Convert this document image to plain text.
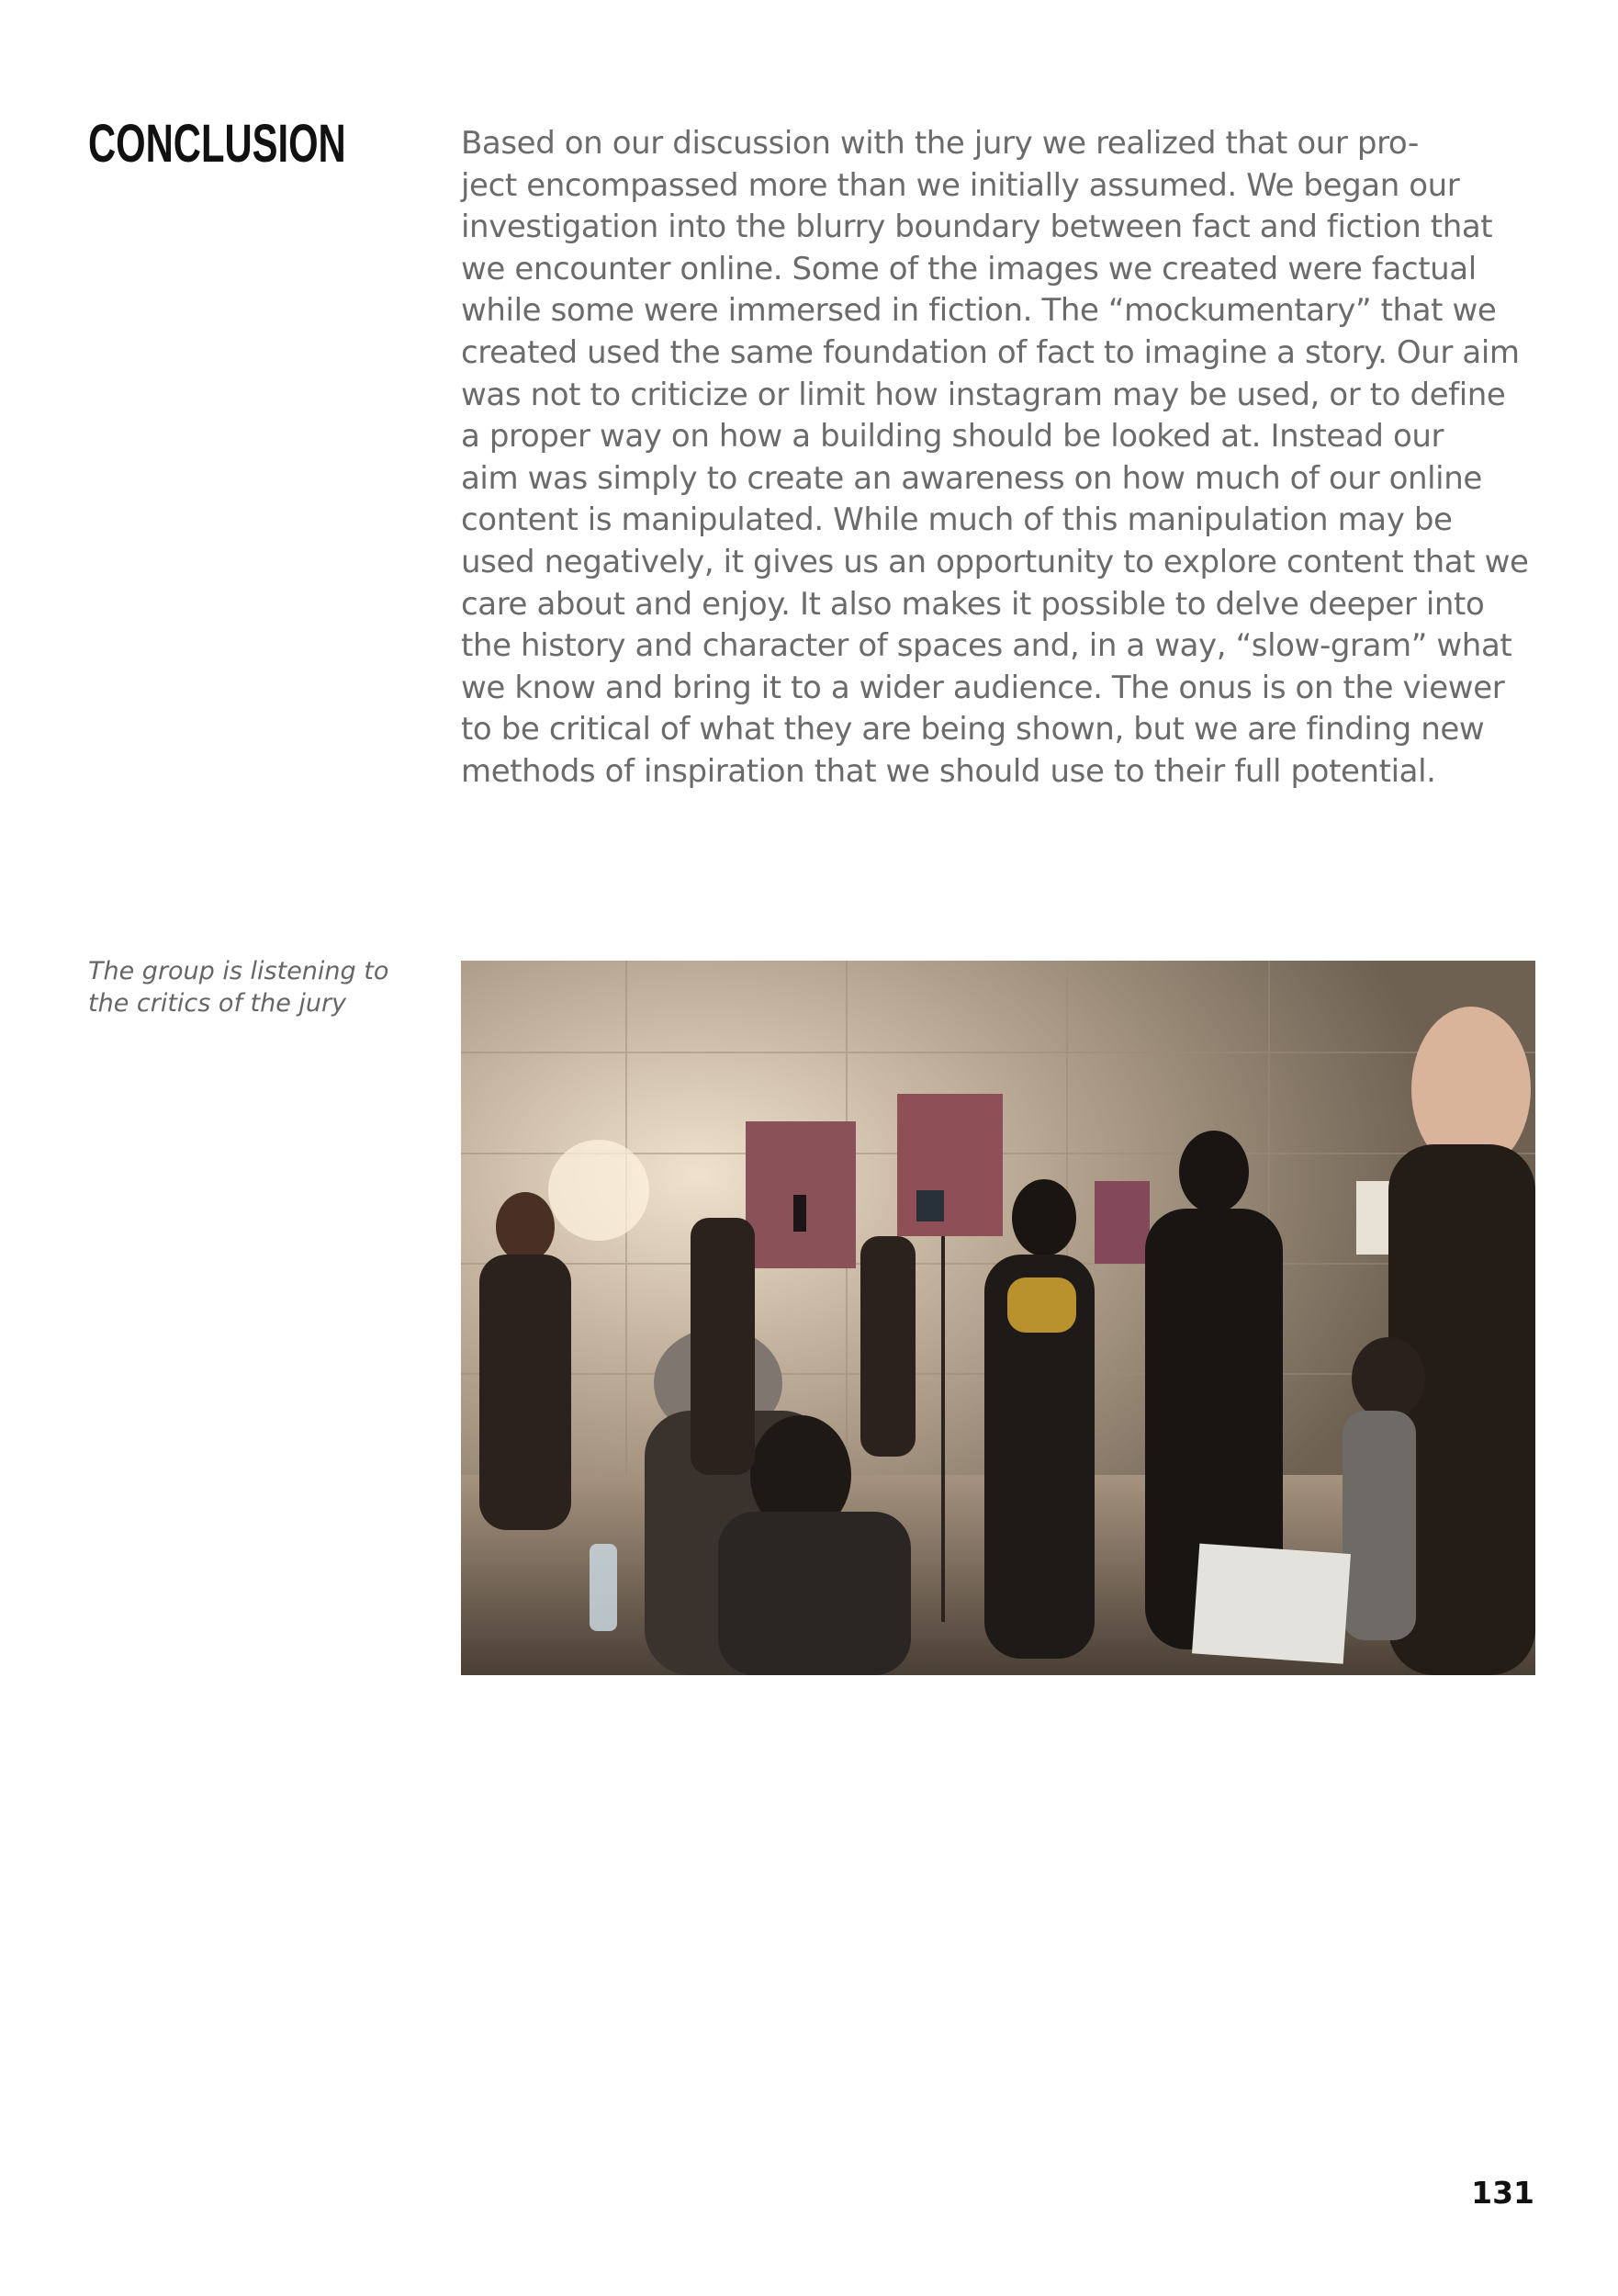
CONCLUSION	Based on our discussion with the jury we realized that our pro-
ject encompassed more than we initially assumed. We began our
investigation into the blurry boundary between fact and fiction that
we encounter online. Some of the images we created were factual
while some were immersed in fiction. The “mockumentary” that we
created used the same foundation of fact to imagine a story. Our aim
was not to criticize or limit how instagram may be used, or to define
a proper way on how a building should be looked at. Instead our
aim was simply to create an awareness on how much of our online
content is manipulated. While much of this manipulation may be
used negatively, it gives us an opportunity to explore content that we
care about and enjoy. It also makes it possible to delve deeper into
the history and character of spaces and, in a way, “slow-gram” what
we know and bring it to a wider audience. The onus is on the viewer
to be critical of what they are being shown, but we are finding new
methods of inspiration that we should use to their full potential.

The group is listening to
the critics of the jury

131
